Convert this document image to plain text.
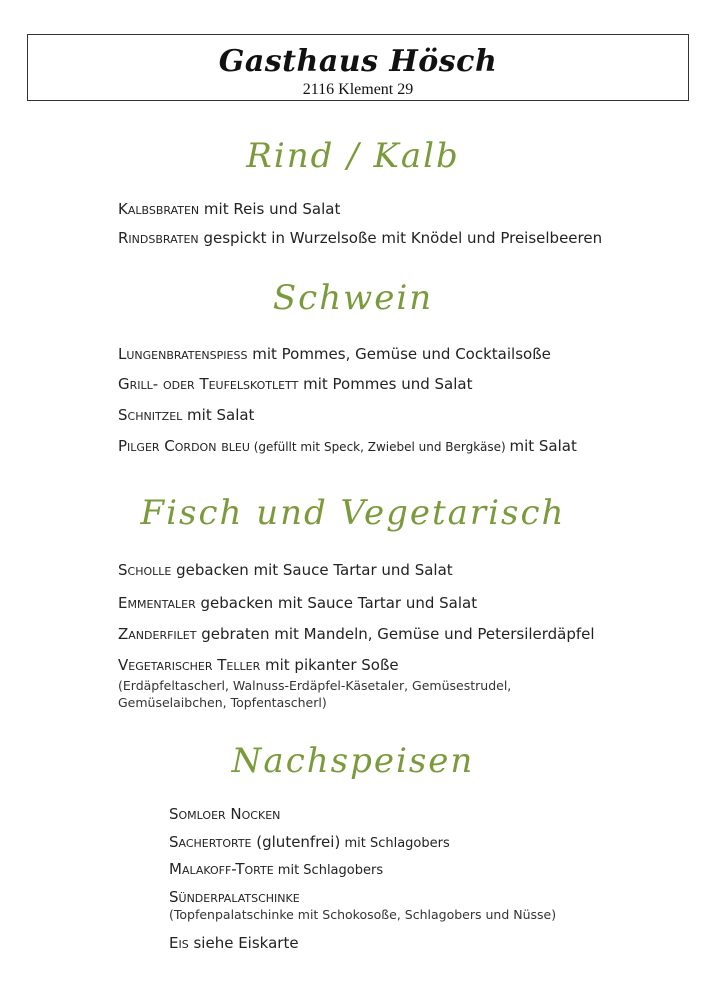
Gasthaus Hösch
2116 Klement 29
Rind / Kalb
Kalbsbraten mit Reis und Salat
Rindsbraten gespickt in Wurzelsoße mit Knödel und Preiselbeeren
Schwein
Lungenbratenspieß mit Pommes, Gemüse und Cocktailsoße
Grill- oder Teufelskotlett mit Pommes und Salat
Schnitzel mit Salat
Pilger Cordon bleu (gefüllt mit Speck, Zwiebel und Bergkäse) mit Salat
Fisch und Vegetarisch
Scholle gebacken mit Sauce Tartar und Salat
Emmentaler gebacken mit Sauce Tartar und Salat
Zanderfilet gebraten mit Mandeln, Gemüse und Petersilerdäpfel
Vegetarischer Teller mit pikanter Soße
(Erdäpfeltascherl, Walnuss-Erdäpfel-Käsetaler, Gemüsestrudel,
Gemüselaibchen, Topfentascherl)
Nachspeisen
Somloer Nocken
Sachertorte (glutenfrei) mit Schlagobers
Malakoff-Torte mit Schlagobers
Sünderpalatschinke
(Topfenpalatschinke mit Schokosoße, Schlagobers und Nüsse)
Eis siehe Eiskarte
